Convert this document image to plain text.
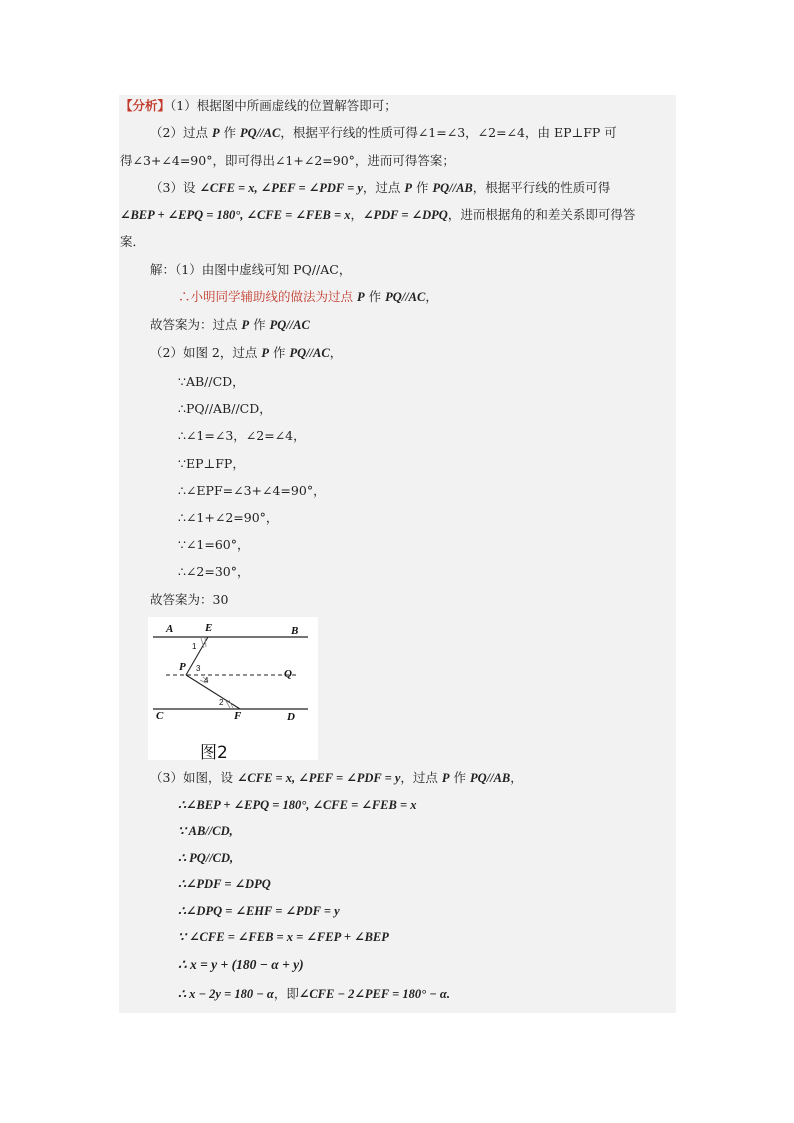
【分析】（1）根据图中所画虚线的位置解答即可；
（2）过点 P 作 PQ//AC，根据平行线的性质可得∠1=∠3，∠2=∠4，由 EP⊥FP 可
得∠3+∠4=90°，即可得出∠1+∠2=90°，进而可得答案；
（3）设 ∠CFE = x, ∠PEF = ∠PDF = y，过点 P 作 PQ//AB，根据平行线的性质可得
∠BEP + ∠EPQ = 180°, ∠CFE = ∠FEB = x，∠PDF = ∠DPQ，进而根据角的和差关系即可得答
案．
解：（1）由图中虚线可知 PQ//AC，
∴小明同学辅助线的做法为过点 P 作 PQ//AC，
故答案为：过点 P 作 PQ//AC
（2）如图 2，过点 P 作 PQ//AC，
∵AB//CD，
∴PQ//AB//CD，
∴∠1=∠3，∠2=∠4，
∵EP⊥FP，
∴∠EPF=∠3+∠4=90°，
∴∠1+∠2=90°，
∵∠1=60°，
∴∠2=30°，
故答案为：30
A	E	B
P
Q
C	F	D
1
3
4
2
图2
（3）如图，设 ∠CFE = x, ∠PEF = ∠PDF = y，过点 P 作 PQ//AB，
∴∠BEP + ∠EPQ = 180°, ∠CFE = ∠FEB = x
∵ AB//CD,
∴ PQ//CD,
∴∠PDF = ∠DPQ
∴∠DPQ = ∠EHF = ∠PDF = y
∵ ∠CFE = ∠FEB = x = ∠FEP + ∠BEP
∴ x = y + (180 − α + y)
∴ x − 2y = 180 − α，即∠CFE − 2∠PEF = 180° − α.
